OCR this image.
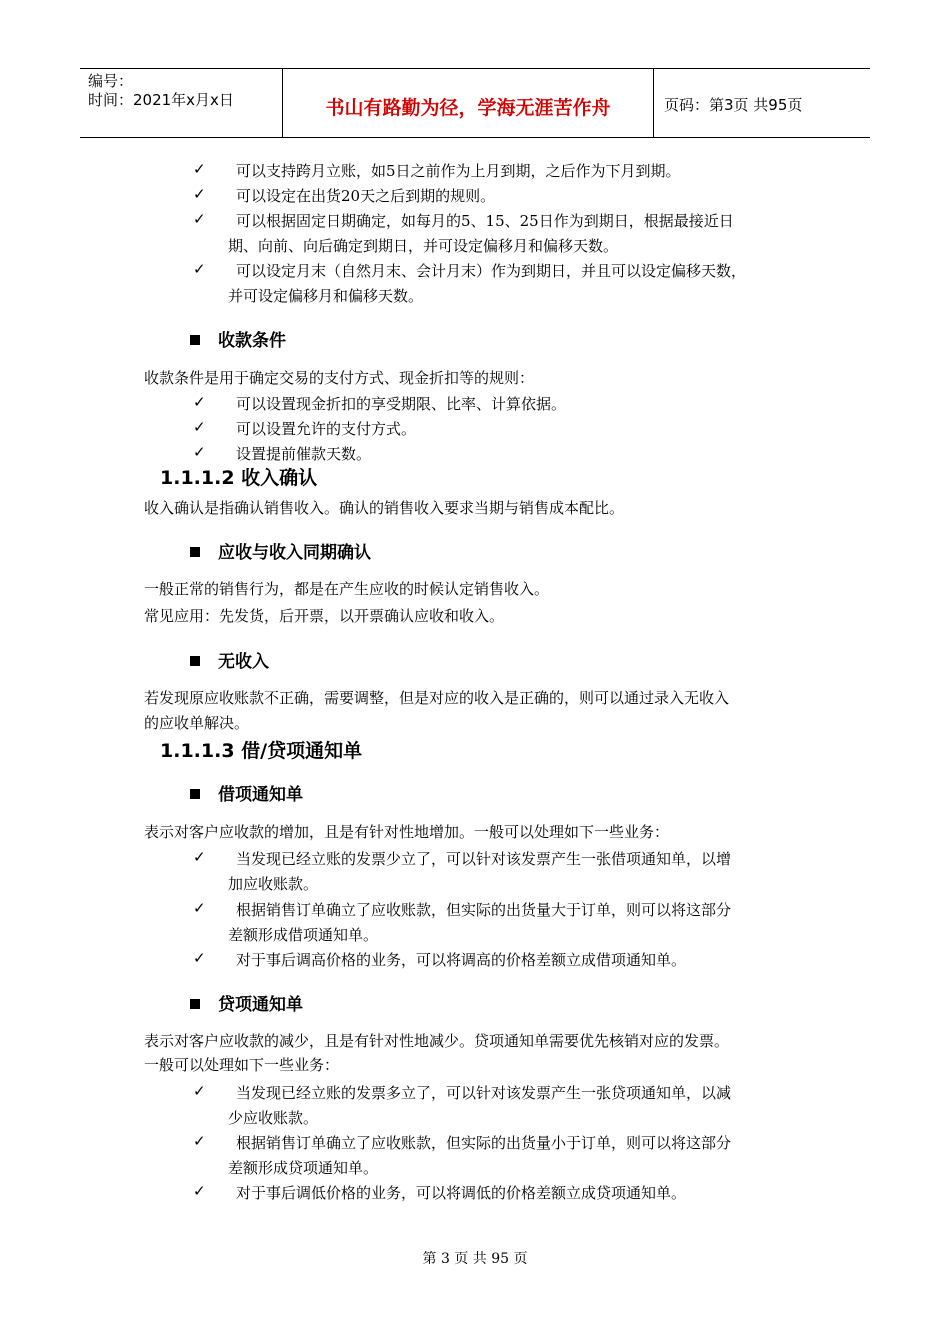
编号：
时间：2021年x月x日	书山有路勤为径，学海无涯苦作舟	页码：第3页 共95页
✓ 可以支持跨月立账，如5日之前作为上月到期，之后作为下月到期。
✓ 可以设定在出货20天之后到期的规则。
✓ 可以根据固定日期确定，如每月的5、15、25日作为到期日，根据最接近日
期、向前、向后确定到期日，并可设定偏移月和偏移天数。
✓ 可以设定月末（自然月末、会计月末）作为到期日，并且可以设定偏移天数，
并可设定偏移月和偏移天数。
收款条件
收款条件是用于确定交易的支付方式、现金折扣等的规则：
✓ 可以设置现金折扣的享受期限、比率、计算依据。
✓ 可以设置允许的支付方式。
✓ 设置提前催款天数。
1.1.1.2 收入确认
收入确认是指确认销售收入。确认的销售收入要求当期与销售成本配比。
应收与收入同期确认
一般正常的销售行为，都是在产生应收的时候认定销售收入。
常见应用：先发货，后开票，以开票确认应收和收入。
无收入
若发现原应收账款不正确，需要调整，但是对应的收入是正确的，则可以通过录入无收入
的应收单解决。
1.1.1.3 借/贷项通知单
借项通知单
表示对客户应收款的增加，且是有针对性地增加。一般可以处理如下一些业务：
✓ 当发现已经立账的发票少立了，可以针对该发票产生一张借项通知单，以增
加应收账款。
✓ 根据销售订单确立了应收账款，但实际的出货量大于订单，则可以将这部分
差额形成借项通知单。
✓ 对于事后调高价格的业务，可以将调高的价格差额立成借项通知单。
贷项通知单
表示对客户应收款的减少，且是有针对性地减少。贷项通知单需要优先核销对应的发票。
一般可以处理如下一些业务：
✓ 当发现已经立账的发票多立了，可以针对该发票产生一张贷项通知单，以减
少应收账款。
✓ 根据销售订单确立了应收账款，但实际的出货量小于订单，则可以将这部分
差额形成贷项通知单。
✓ 对于事后调低价格的业务，可以将调低的价格差额立成贷项通知单。
第 3 页 共 95 页
